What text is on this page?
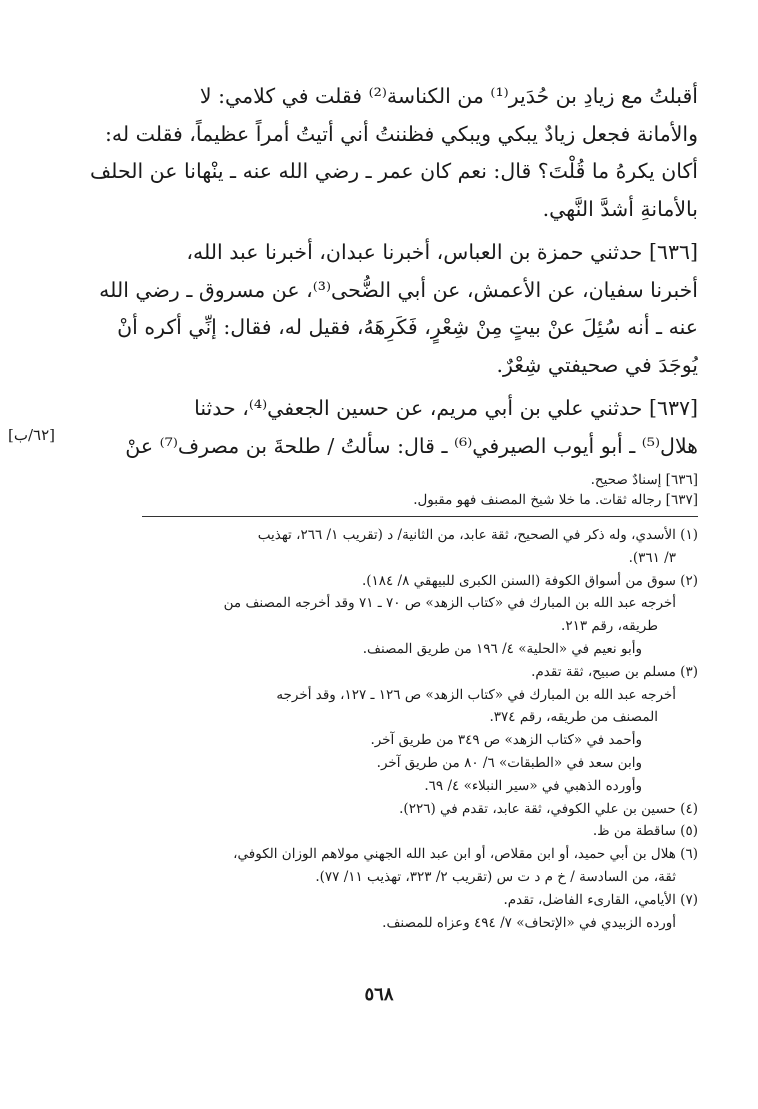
أقبلتُ مع زيادِ بن حُدَير⁽¹⁾ من الكناسة⁽²⁾ فقلت في كلامي: لا

والأمانة فجعل زيادٌ يبكي ويبكي فظننتُ أني أتيتُ أمراً عظيماً، فقلت له:

أكان يكرهُ ما قُلْتَ؟ قال: نعم كان عمر ـ رضي الله عنه ـ ينْهانا عن الحلف

بالأمانةِ أشدَّ النَّهي.

[٦٣٦] حدثني حمزة بن العباس، أخبرنا عبدان، أخبرنا عبد الله،

أخبرنا سفيان، عن الأعمش، عن أبي الضُّحى⁽³⁾، عن مسروق ـ رضي الله

عنه ـ أنه سُئِلَ عنْ بيتٍ مِنْ شِعْرٍ، فَكَرِهَهُ، فقيل له، فقال: إنِّي أكره أنْ

يُوجَدَ في صحيفتي شِعْرٌ.

[٦٣٧] حدثني علي بن أبي مريم، عن حسين الجعفي⁽⁴⁾، حدثنا

هلال⁽⁵⁾ ـ أبو أيوب الصيرفي⁽⁶⁾ ـ قال: سألتُ / طلحةَ بن مصرف⁽⁷⁾ عنْ

[٦٢/ب]
[٦٣٦] إسنادٌ صحيح.
[٦٣٧] رجاله ثقات. ما خلا شيخ المصنف فهو مقبول.
(١) الأسدي، وله ذكر في الصحيح، ثقة عابد، من الثانية/ د (تقريب ١/ ٢٦٦، تهذيب
٣/ ٣٦١).
(٢) سوق من أسواق الكوفة (السنن الكبرى للبيهقي ٨/ ١٨٤).
أخرجه عبد الله بن المبارك في «كتاب الزهد» ص ٧٠ ـ ٧١ وقد أخرجه المصنف من
طريقه، رقم ٢١٣.
وأبو نعيم في «الحلية» ٤/ ١٩٦ من طريق المصنف.
(٣) مسلم بن صبيح، ثقة تقدم.
أخرجه عبد الله بن المبارك في «كتاب الزهد» ص ١٢٦ ـ ١٢٧، وقد أخرجه
المصنف من طريقه، رقم ٣٧٤.
وأحمد في «كتاب الزهد» ص ٣٤٩ من طريق آخر.
وابن سعد في «الطبقات» ٦/ ٨٠ من طريق آخر.
وأورده الذهبي في «سير النبلاء» ٤/ ٦٩.
(٤) حسين بن علي الكوفي، ثقة عابد، تقدم في (٢٢٦).
(٥) ساقطة من ظ.
(٦) هلال بن أبي حميد، أو ابن مقلاص، أو ابن عبد الله الجهني مولاهم الوزان الكوفي،
ثقة، من السادسة / خ م د ت س (تقريب ٢/ ٣٢٣، تهذيب ١١/ ٧٧).
(٧) الأيامي، القارىء الفاضل، تقدم.
أورده الزبيدي في «الإتحاف» ٧/ ٤٩٤ وعزاه للمصنف.
٥٦٨
